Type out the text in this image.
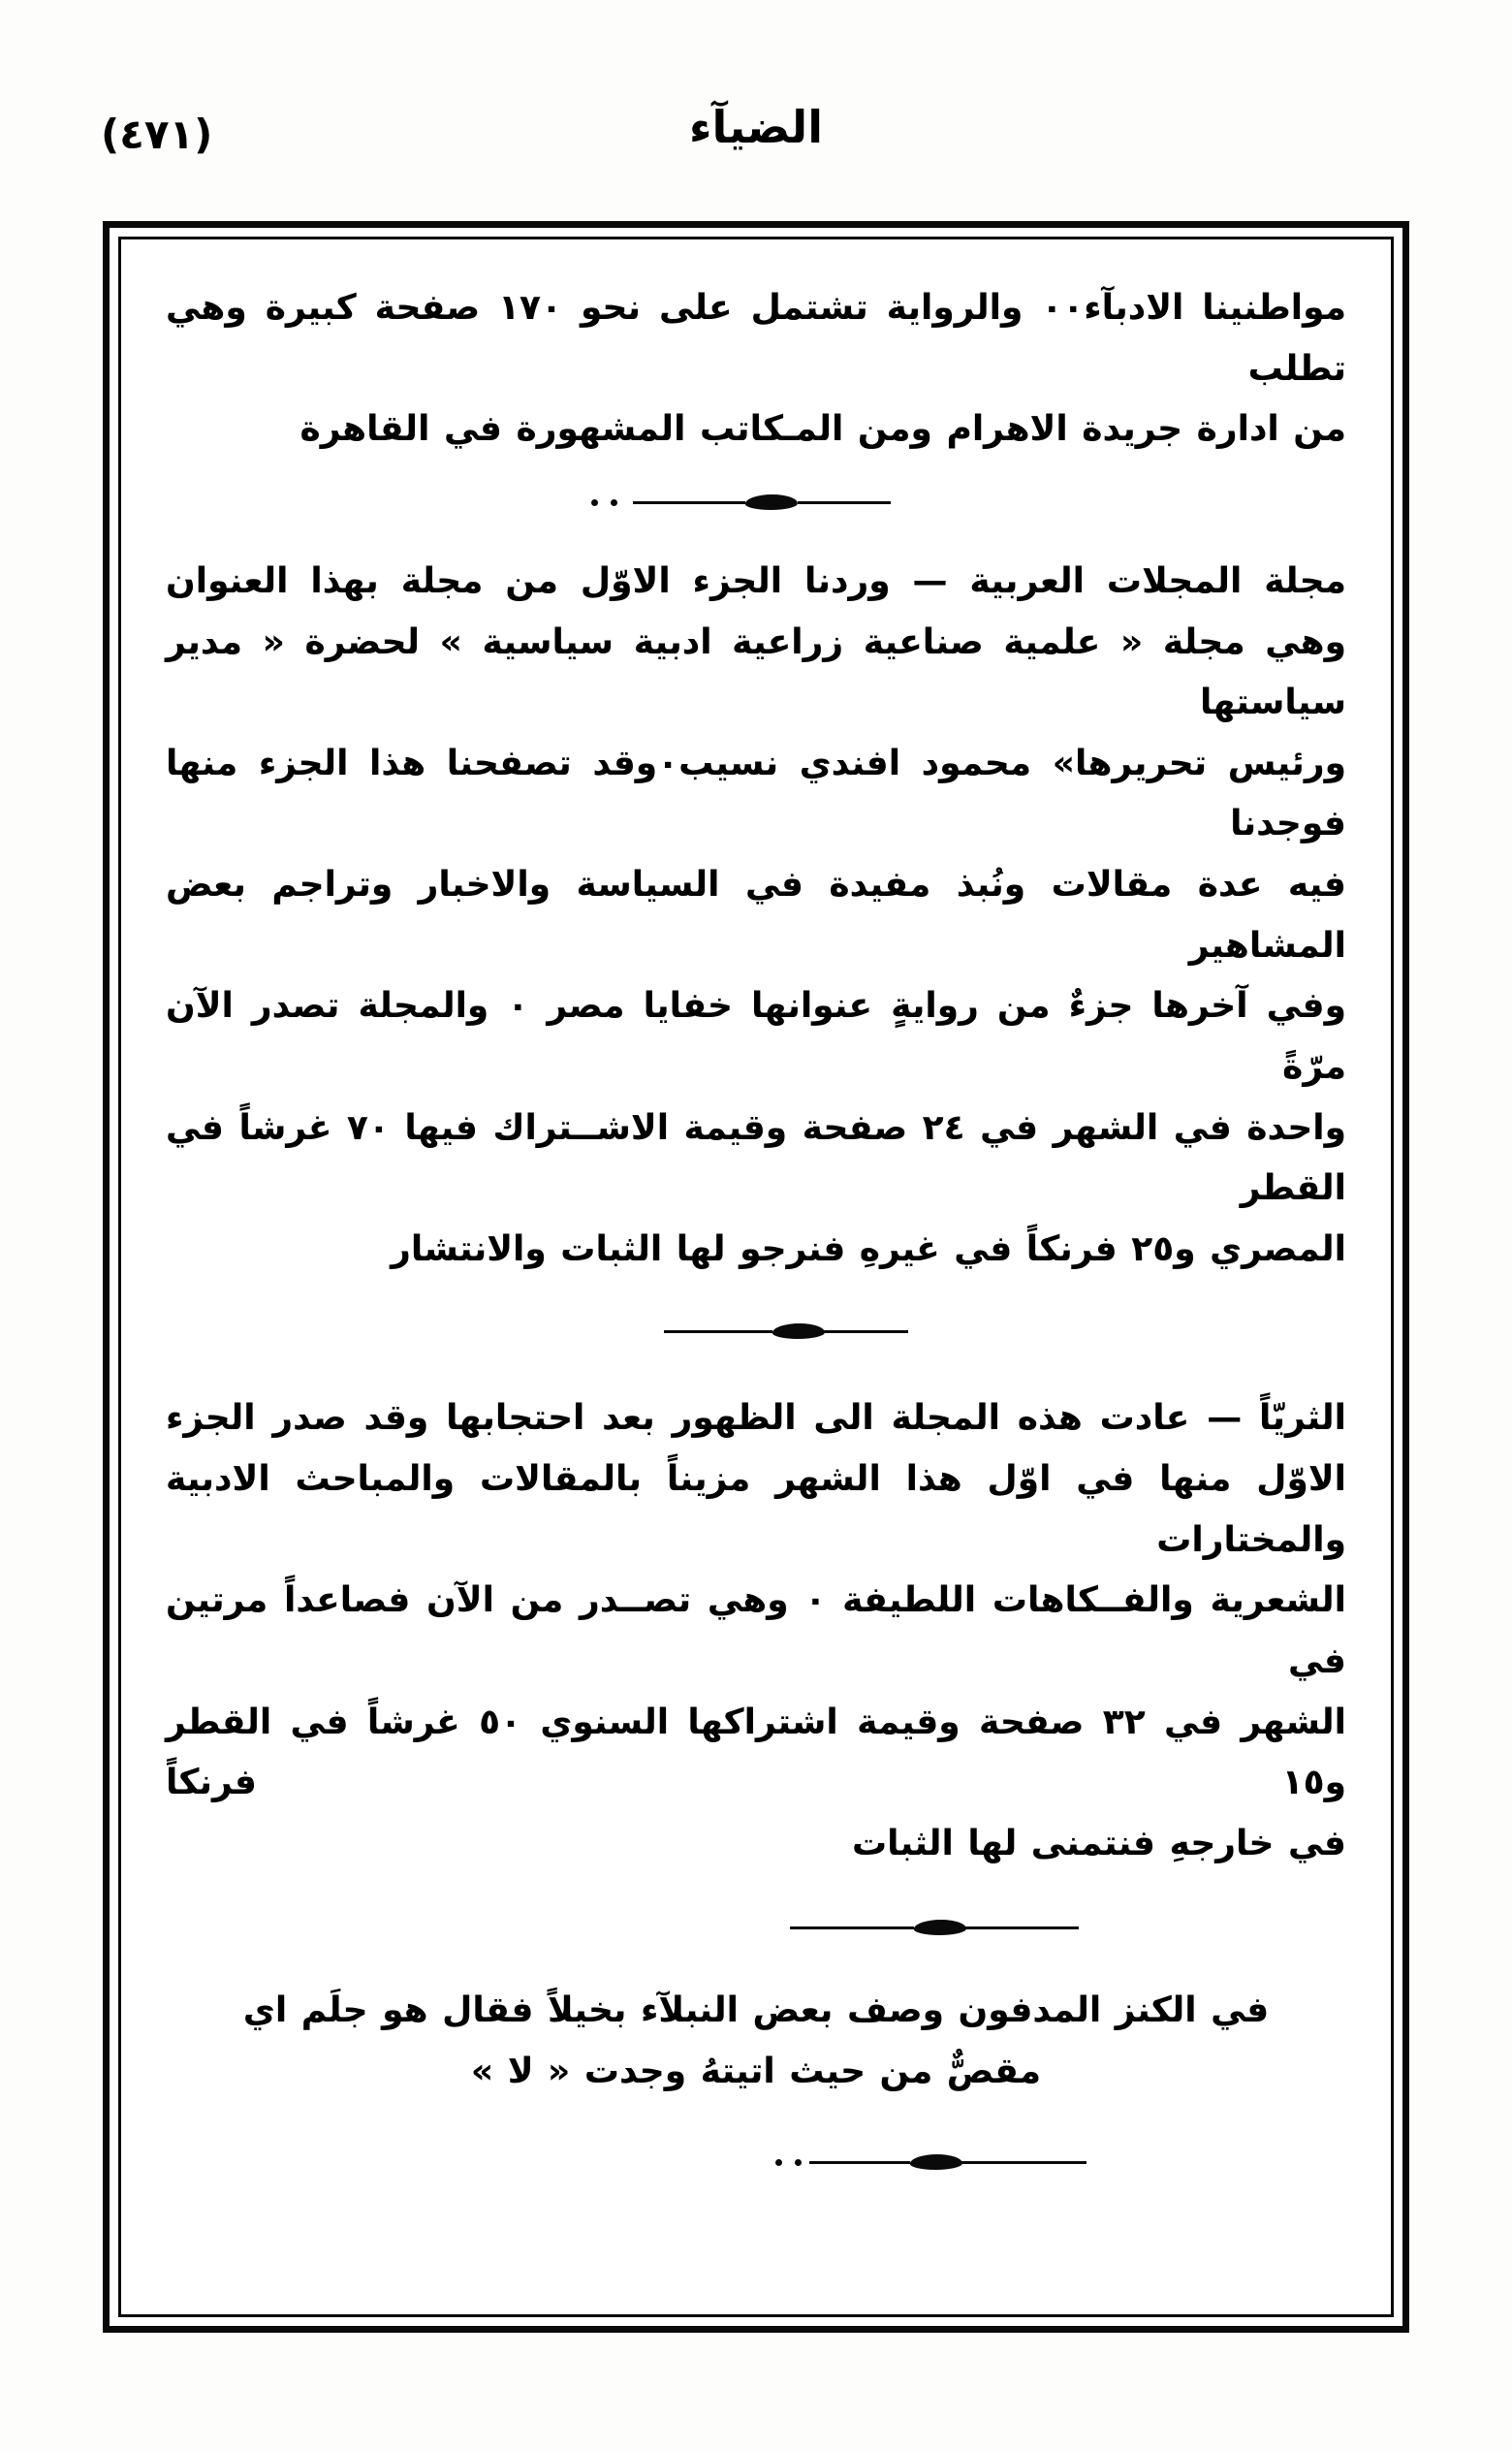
الضيآء
(٤٧١)

مواطنينا الادبآء٠٠ والرواية تشتمل على نحو ١٧٠ صفحة كبيرة وهي تطلب

من ادارة جريدة الاهرام ومن المـكاتب المشهورة في القاهرة

مجلة المجلات العربية — وردنا الجزء الاوّل من مجلة بهذا العنوان

وهي مجلة « علمية صناعية زراعية ادبية سياسية » لحضرة « مدير سياستها

ورئيس تحريرها» محمود افندي نسيب٠وقد تصفحنا هذا الجزء منها فوجدنا

فيه عدة مقالات ونُبذ مفيدة في السياسة والاخبار وتراجم بعض المشاهير

وفي آخرها جزءٌ من روايةٍ عنوانها خفايا مصر ٠ والمجلة تصدر الآن مرّةً

واحدة في الشهر في ٢٤ صفحة وقيمة الاشــتراك فيها ٧٠ غرشاً في القطر

المصري و٢٥ فرنكاً في غيرهِ فنرجو لها الثبات والانتشار

الثريّاً — عادت هذه المجلة الى الظهور بعد احتجابها وقد صدر الجزء

الاوّل منها في اوّل هذا الشهر مزيناً بالمقالات والمباحث الادبية والمختارات

الشعرية والفــكاهات اللطيفة ٠ وهي تصــدر من الآن فصاعداً مرتين في

الشهر في ٣٢ صفحة وقيمة اشتراكها السنوي ٥٠ غرشاً في القطر و١٥ فرنكاً

في خارجهِ فنتمنى لها الثبات

في الكنز المدفون وصف بعض النبلآء بخيلاً فقال هو جلَم اي

مقصٌّ من حيث اتيتهُ وجدت « لا »
